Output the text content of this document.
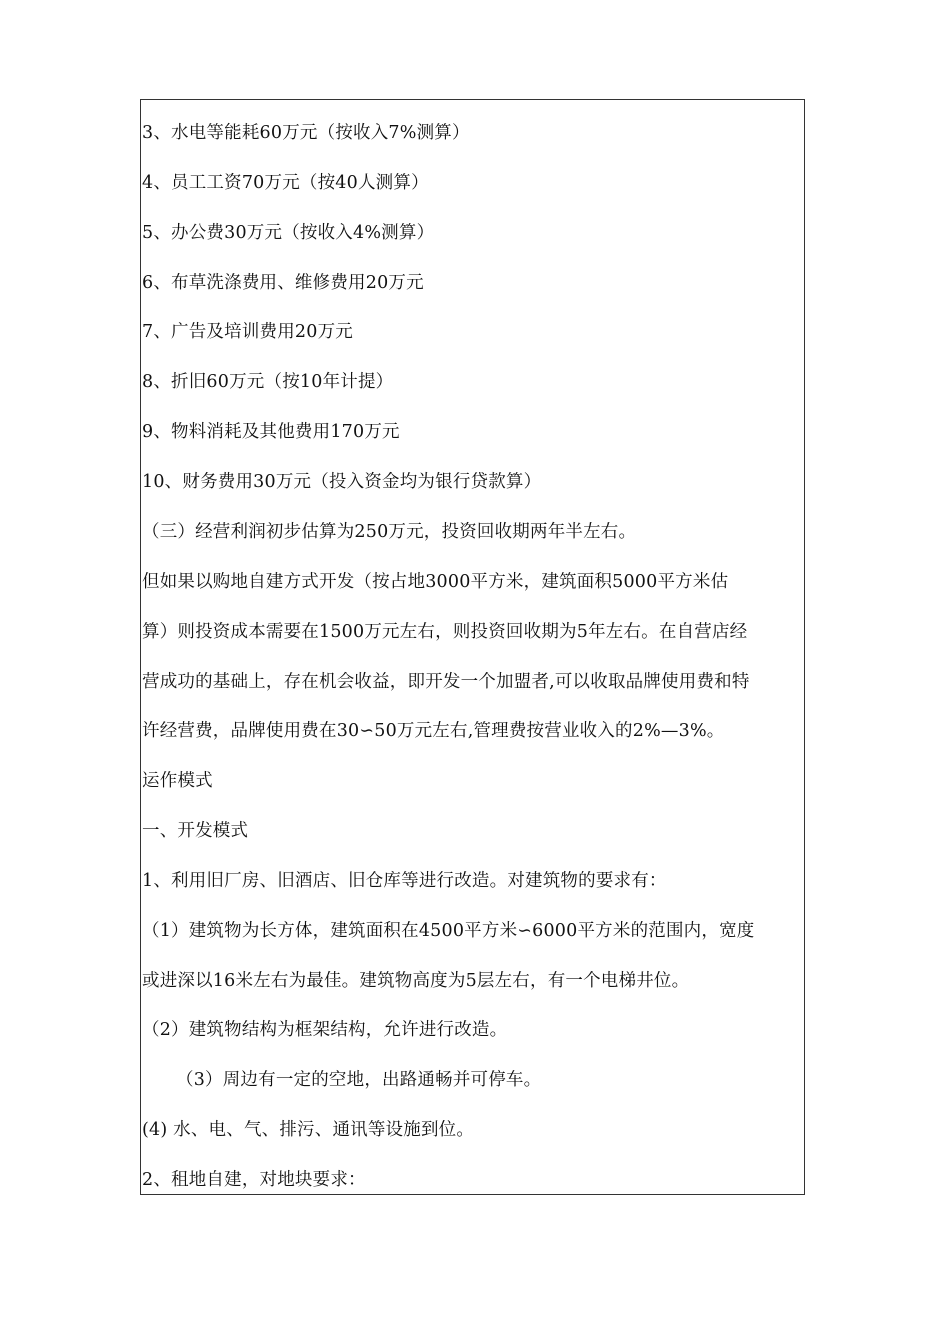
3、水电等能耗60万元（按收入7%测算）
4、员工工资70万元（按40人测算）
5、办公费30万元（按收入4%测算）
6、布草洗涤费用、维修费用20万元
7、广告及培训费用20万元
8、折旧60万元（按10年计提）
9、物料消耗及其他费用170万元
10、财务费用30万元（投入资金均为银行贷款算）
（三）经营利润初步估算为250万元，投资回收期两年半左右。
但如果以购地自建方式开发（按占地3000平方米，建筑面积5000平方米估
算）则投资成本需要在1500万元左右，则投资回收期为5年左右。在自营店经
营成功的基础上，存在机会收益，即开发一个加盟者,可以收取品牌使用费和特
许经营费，品牌使用费在30∽50万元左右,管理费按营业收入的2%—3%。
运作模式
一、开发模式
1、利用旧厂房、旧酒店、旧仓库等进行改造。对建筑物的要求有：
（1）建筑物为长方体，建筑面积在4500平方米∽6000平方米的范围内，宽度
或进深以16米左右为最佳。建筑物高度为5层左右，有一个电梯井位。
（2）建筑物结构为框架结构，允许进行改造。
（3）周边有一定的空地，出路通畅并可停车。
(4) 水、电、气、排污、通讯等设施到位。
2、租地自建，对地块要求：
